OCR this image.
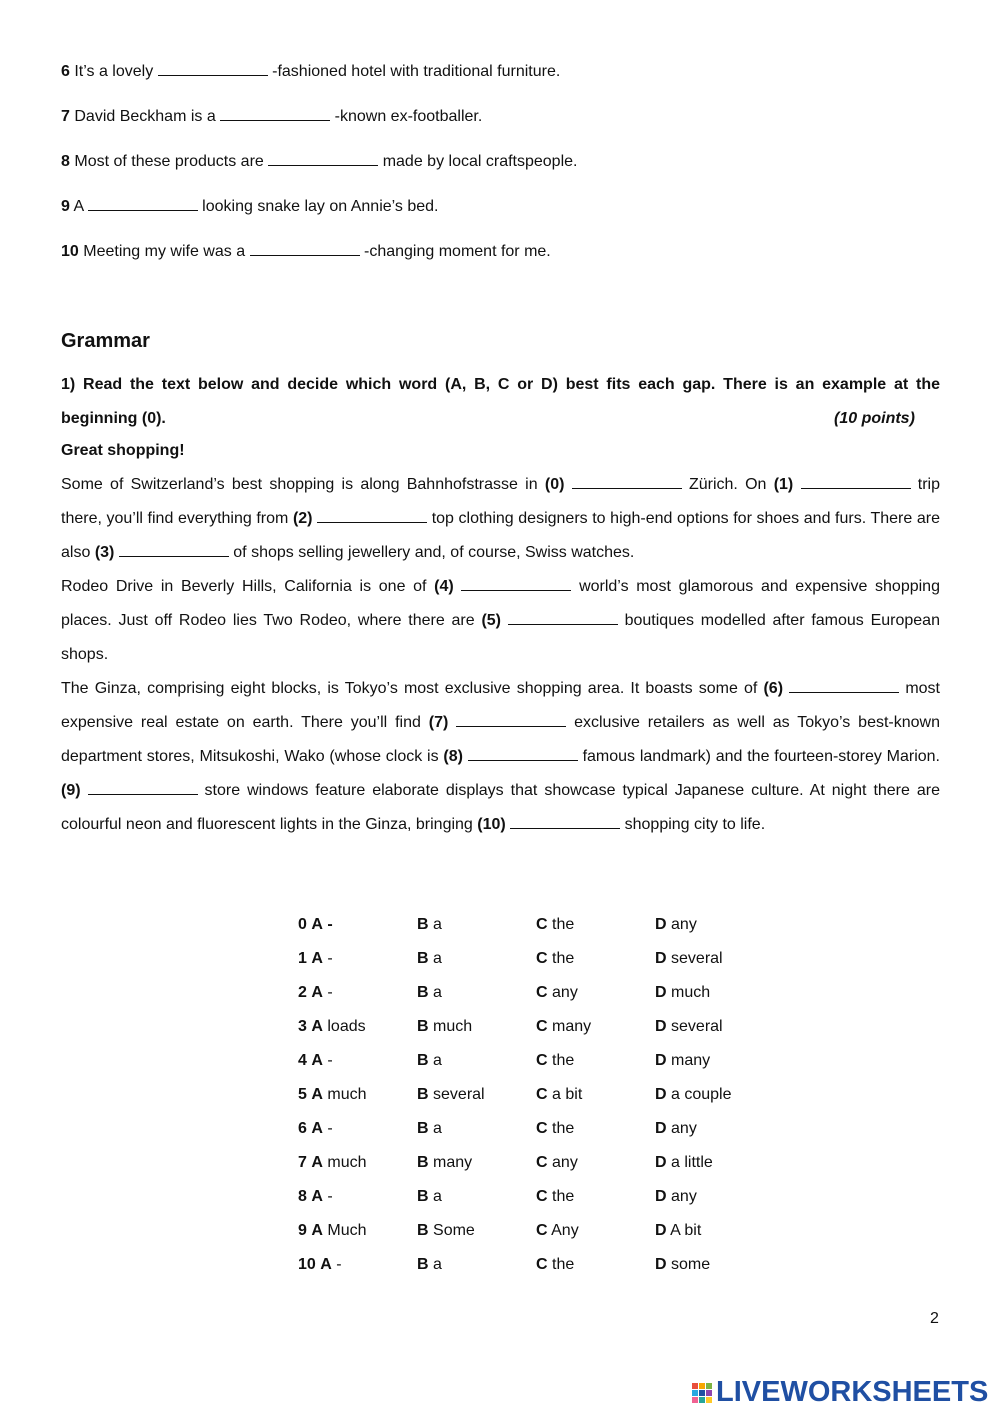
6 It’s a lovely	-fashioned hotel with traditional furniture.
7 David Beckham is a	-known ex-footballer.
8 Most of these products are	made by local craftspeople.
9 A	looking snake lay on Annie’s bed.
10 Meeting my wife was a	-changing moment for me.
Grammar
1) Read the text below and decide which word (A, B, C or D) best fits each gap. There is an example at the beginning (0).	(10 points)
Great shopping!
Some of Switzerland’s best shopping is along Bahnhofstrasse in (0)	Zürich. On (1)	trip there, you’ll find everything from (2)	top clothing designers to high-end options for shoes and furs. There are also (3)	of shops selling jewellery and, of course, Swiss watches.
Rodeo Drive in Beverly Hills, California is one of (4)	world’s most glamorous and expensive shopping places. Just off Rodeo lies Two Rodeo, where there are (5)	boutiques modelled after famous European shops.
The Ginza, comprising eight blocks, is Tokyo’s most exclusive shopping area. It boasts some of (6)	most expensive real estate on earth. There you’ll find (7)	exclusive retailers as well as Tokyo’s best-known department stores, Mitsukoshi, Wako (whose clock is (8)	famous landmark) and the fourteen-storey Marion. (9)	store windows feature elaborate displays that showcase typical Japanese culture. At night there are colourful neon and fluorescent lights in the Ginza, bringing (10)	shopping city to life.
0 A -	B a	C the	D any
1 A -	B a	C the	D several
2 A -	B a	C any	D much
3 A loads	B much	C many	D several
4 A -	B a	C the	D many
5 A much	B several	C a bit	D a couple
6 A -	B a	C the	D any
7 A much	B many	C any	D a little
8 A -	B a	C the	D any
9 A Much	B Some	C Any	D A bit
10 A -	B a	C the	D some
2
LIVEWORKSHEETS
